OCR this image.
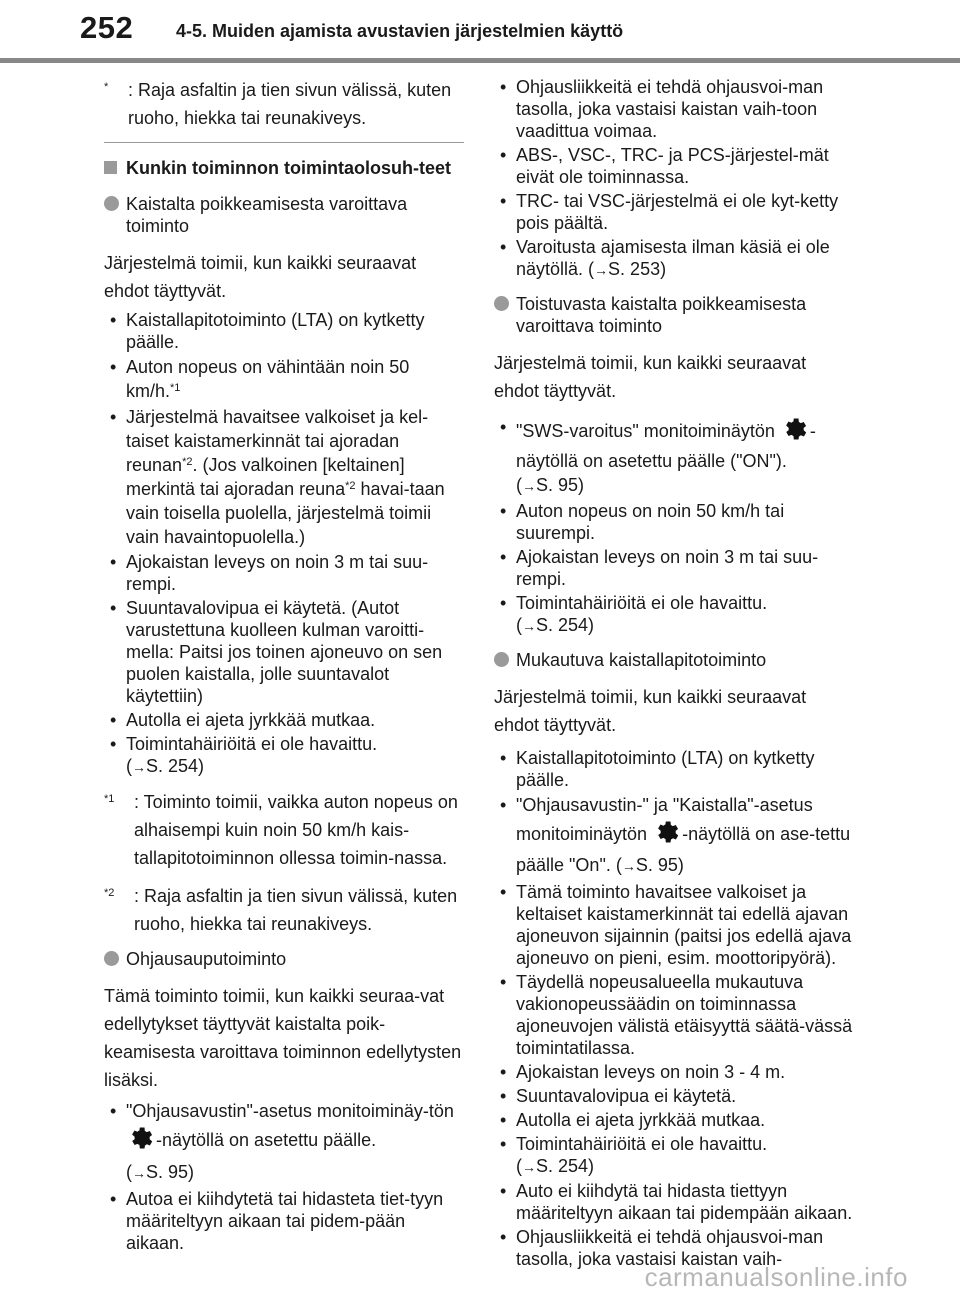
252 4-5. Muiden ajamista avustavien järjestelmien käyttö
* : Raja asfaltin ja tien sivun välissä, kuten ruoho, hiekka tai reunakiveys.
Kunkin toiminnon toimintaolosuh-teet
Kaistalta poikkeamisesta varoittava toiminto

Järjestelmä toimii, kun kaikki seuraavat ehdot täyttyvät.

• Kaistallapitotoiminto (LTA) on kytketty päälle.
• Auton nopeus on vähintään noin 50 km/h.$^{*1}$
• Järjestelmä havaitsee valkoiset ja kel-taiset kaistamerkinnät tai ajoradan reunan$^{*2}$. (Jos valkoinen [keltainen] merkintä tai ajoradan reuna$^{*2}$ havai-taan vain toisella puolella, järjestelmä toimii vain havaintopuolella.)
• Ajokaistan leveys on noin 3 m tai suu-rempi.
• Suuntavalovipua ei käytetä. (Autot varustettuna kuolleen kulman varoitti-mella: Paitsi jos toinen ajoneuvo on sen puolen kaistalla, jolle suuntavalot käytettiin)
• Autolla ei ajeta jyrkkää mutkaa.
• Toimintahäiriöitä ei ole havaittu.
(→S. 254)
$^{*1}$ : Toiminto toimii, vaikka auton nopeus on alhaisempi kuin noin 50 km/h kais-tallapitotoiminnon ollessa toimin-nassa.
$^{*2}$ : Raja asfaltin ja tien sivun välissä, kuten ruoho, hiekka tai reunakiveys.
Ohjausauputoiminto

Tämä toiminto toimii, kun kaikki seuraa-vat edellytykset täyttyvät kaistalta poik-keamisesta varoittava toiminnon edellytysten lisäksi.

• "Ohjausavustin"-asetus monitoiminäy-tön -näytöllä on asetettu päälle.
(→S. 95)
• Autoa ei kiihdytetä tai hidasteta tiet-tyyn määriteltyyn aikaan tai pidem-pään aikaan.
• Ohjausliikkeitä ei tehdä ohjausvoi-man tasolla, joka vastaisi kaistan vaih-toon vaadittua voimaa.
• ABS-, VSC-, TRC- ja PCS-järjestel-mät eivät ole toiminnassa.
• TRC- tai VSC-järjestelmä ei ole kyt-ketty pois päältä.
• Varoitusta ajamisesta ilman käsiä ei ole näytöllä. (→S. 253)
Toistuvasta kaistalta poikkeamisesta varoittava toiminto

Järjestelmä toimii, kun kaikki seuraavat ehdot täyttyvät.

• "SWS-varoitus" monitoiminäytön -näytöllä on asetettu päälle ("ON").
(→S. 95)
• Auton nopeus on noin 50 km/h tai suurempi.
• Ajokaistan leveys on noin 3 m tai suu-rempi.
• Toimintahäiriöitä ei ole havaittu.
(→S. 254)
Mukautuva kaistallapitotoiminto

Järjestelmä toimii, kun kaikki seuraavat ehdot täyttyvät.

• Kaistallapitotoiminto (LTA) on kytketty päälle.
• "Ohjausavustin-" ja "Kaistalla"-asetus monitoiminäytön -näytöllä on ase-tettu päälle "On". (→S. 95)
• Tämä toiminto havaitsee valkoiset ja keltaiset kaistamerkinnät tai edellä ajavan ajoneuvon sijainnin (paitsi jos edellä ajava ajoneuvo on pieni, esim. moottoripyörä).
• Täydellä nopeusalueella mukautuva vakionopeussäädin on toiminnassa ajoneuvojen välistä etäisyyttä säätä-vässä toimintatilassa.
• Ajokaistan leveys on noin 3 - 4 m.
• Suuntavalovipua ei käytetä.
• Autolla ei ajeta jyrkkää mutkaa.
• Toimintahäiriöitä ei ole havaittu.
(→S. 254)
• Auto ei kiihdytä tai hidasta tiettyyn määriteltyyn aikaan tai pidempään aikaan.
• Ohjausliikkeitä ei tehdä ohjausvoi-man tasolla, joka vastaisi kaistan vaih-
carmanualsonline.info
